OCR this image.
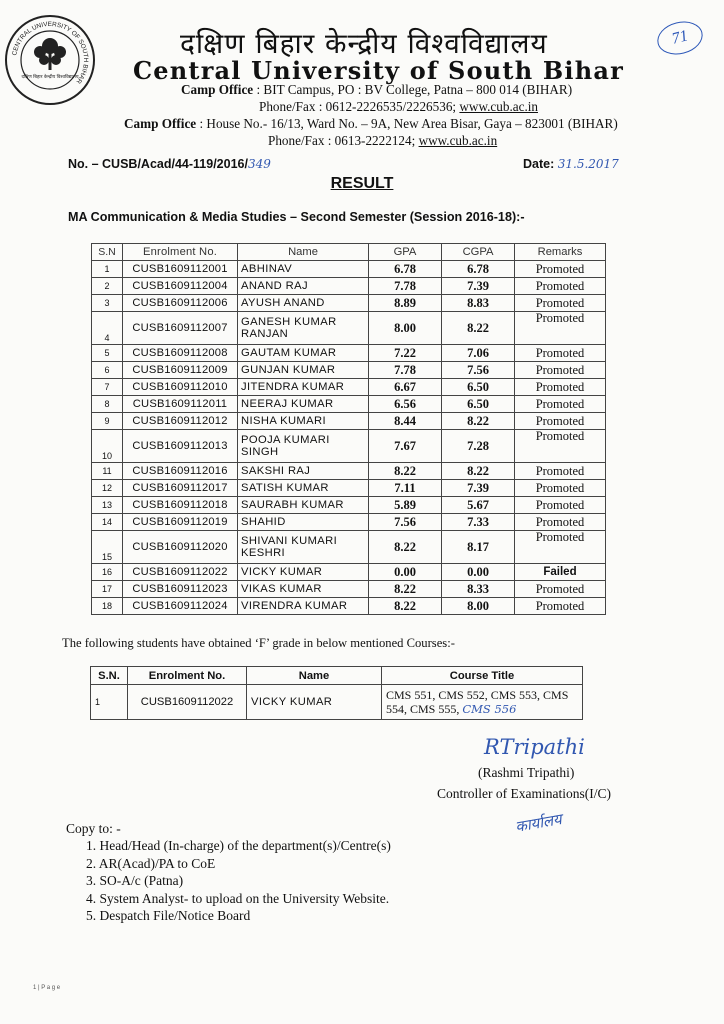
CENTRAL UNIVERSITY OF SOUTH BIHAR
दक्षिण बिहार केन्द्रीय विश्वविद्यालय
दक्षिण बिहार केन्द्रीय विश्वविद्यालय
Central University of South Bihar
71
Camp Office : BIT Campus, PO : BV College, Patna – 800 014 (BIHAR)
Phone/Fax : 0612-2226535/2226536; www.cub.ac.in
Camp Office : House No.- 16/13, Ward No. – 9A, New Area Bisar, Gaya – 823001 (BIHAR)
Phone/Fax : 0613-2222124; www.cub.ac.in
No. – CUSB/Acad/44-119/2016/349	Date: 31.5.2017
RESULT
MA Communication & Media Studies – Second Semester (Session 2016-18):-
S.N	Enrolment No.	Name	GPA	CGPA	Remarks
1	CUSB1609112001	ABHINAV	6.78	6.78	Promoted
2	CUSB1609112004	ANAND RAJ	7.78	7.39	Promoted
3	CUSB1609112006	AYUSH ANAND	8.89	8.83	Promoted
4	CUSB1609112007	GANESH KUMAR RANJAN	8.00	8.22	Promoted
5	CUSB1609112008	GAUTAM KUMAR	7.22	7.06	Promoted
6	CUSB1609112009	GUNJAN KUMAR	7.78	7.56	Promoted
7	CUSB1609112010	JITENDRA KUMAR	6.67	6.50	Promoted
8	CUSB1609112011	NEERAJ KUMAR	6.56	6.50	Promoted
9	CUSB1609112012	NISHA KUMARI	8.44	8.22	Promoted
10	CUSB1609112013	POOJA KUMARI SINGH	7.67	7.28	Promoted
11	CUSB1609112016	SAKSHI RAJ	8.22	8.22	Promoted
12	CUSB1609112017	SATISH KUMAR	7.11	7.39	Promoted
13	CUSB1609112018	SAURABH KUMAR	5.89	5.67	Promoted
14	CUSB1609112019	SHAHID	7.56	7.33	Promoted
15	CUSB1609112020	SHIVANI KUMARI KESHRI	8.22	8.17	Promoted
16	CUSB1609112022	VICKY KUMAR	0.00	0.00	Failed
17	CUSB1609112023	VIKAS KUMAR	8.22	8.33	Promoted
18	CUSB1609112024	VIRENDRA KUMAR	8.22	8.00	Promoted
The following students have obtained ‘F’ grade in below mentioned Courses:-
S.N.	Enrolment No.	Name	Course Title
1	CUSB1609112022	VICKY KUMAR	CMS 551, CMS 552, CMS 553, CMS 554, CMS 555, CMS 556
RTripathi
(Rashmi Tripathi)
Controller of Examinations(I/C)
कार्यालय
Copy to: -
1. Head/Head (In-charge) of the department(s)/Centre(s)
2. AR(Acad)/PA to CoE
3. SO-A/c (Patna)
4. System Analyst- to upload on the University Website.
5. Despatch File/Notice Board
1 | P a g e
